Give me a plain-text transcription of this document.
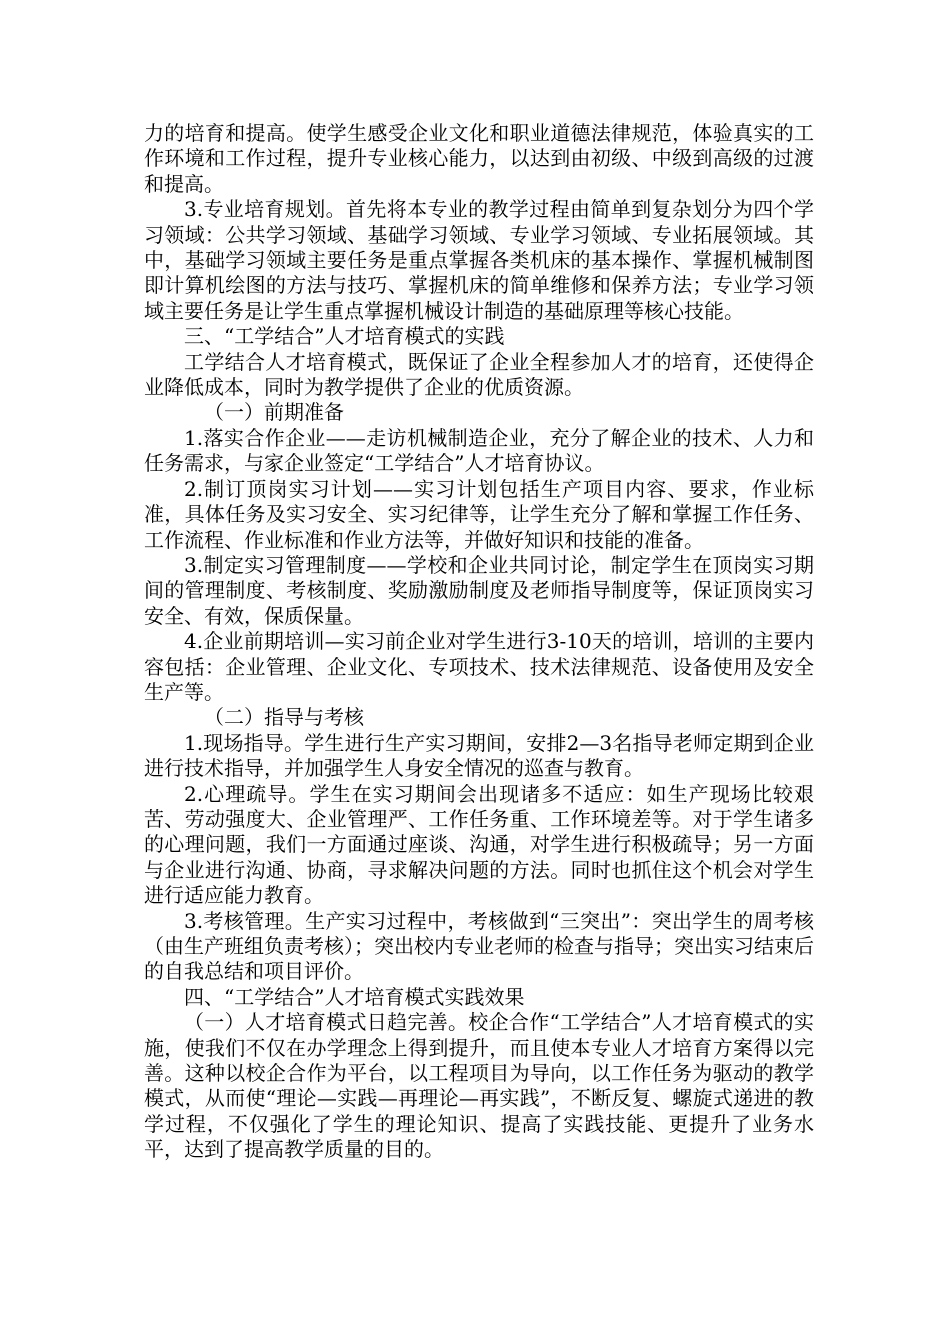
力的培育和提高。使学生感受企业文化和职业道德法律规范，体验真实的工作环境和工作过程，提升专业核心能力，以达到由初级、中级到高级的过渡和提高。

3.专业培育规划。首先将本专业的教学过程由简单到复杂划分为四个学习领域：公共学习领域、基础学习领域、专业学习领域、专业拓展领域。其中，基础学习领域主要任务是重点掌握各类机床的基本操作、掌握机械制图即计算机绘图的方法与技巧、掌握机床的简单维修和保养方法；专业学习领域主要任务是让学生重点掌握机械设计制造的基础原理等核心技能。

三、“工学结合”人才培育模式的实践

工学结合人才培育模式，既保证了企业全程参加人才的培育，还使得企业降低成本，同时为教学提供了企业的优质资源。

（一）前期准备

1.落实合作企业——走访机械制造企业，充分了解企业的技术、人力和任务需求，与家企业签定“工学结合”人才培育协议。

2.制订顶岗实习计划——实习计划包括生产项目内容、要求，作业标准，具体任务及实习安全、实习纪律等，让学生充分了解和掌握工作任务、工作流程、作业标准和作业方法等，并做好知识和技能的准备。

3.制定实习管理制度——学校和企业共同讨论，制定学生在顶岗实习期间的管理制度、考核制度、奖励激励制度及老师指导制度等，保证顶岗实习安全、有效，保质保量。

4.企业前期培训—实习前企业对学生进行3-10天的培训，培训的主要内容包括：企业管理、企业文化、专项技术、技术法律规范、设备使用及安全生产等。

（二）指导与考核

1.现场指导。学生进行生产实习期间，安排2—3名指导老师定期到企业进行技术指导，并加强学生人身安全情况的巡查与教育。

2.心理疏导。学生在实习期间会出现诸多不适应：如生产现场比较艰苦、劳动强度大、企业管理严、工作任务重、工作环境差等。对于学生诸多的心理问题，我们一方面通过座谈、沟通，对学生进行积极疏导；另一方面与企业进行沟通、协商，寻求解决问题的方法。同时也抓住这个机会对学生进行适应能力教育。

3.考核管理。生产实习过程中，考核做到“三突出”：突出学生的周考核（由生产班组负责考核）；突出校内专业老师的检查与指导；突出实习结束后的自我总结和项目评价。

四、“工学结合”人才培育模式实践效果

（一）人才培育模式日趋完善。校企合作“工学结合”人才培育模式的实施，使我们不仅在办学理念上得到提升，而且使本专业人才培育方案得以完善。这种以校企合作为平台，以工程项目为导向，以工作任务为驱动的教学模式，从而使“理论—实践—再理论—再实践”，不断反复、螺旋式递进的教学过程，不仅强化了学生的理论知识、提高了实践技能、更提升了业务水平，达到了提高教学质量的目的。
